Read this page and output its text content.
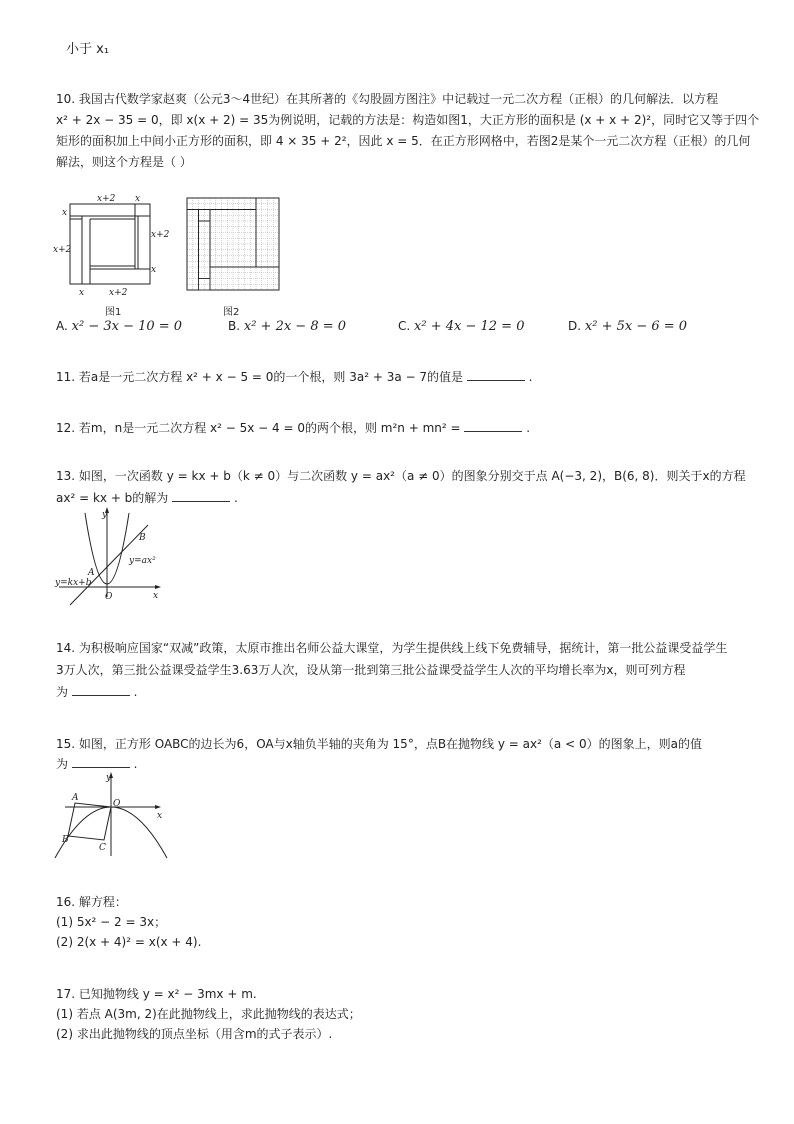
小于 x₁
10. 我国古代数学家赵爽（公元3～4世纪）在其所著的《勾股圆方图注》中记载过一元二次方程（正根）的几何解法．以方程
x² + 2x − 35 = 0，即 x(x + 2) = 35为例说明，记载的方法是：构造如图1，大正方形的面积是 (x + x + 2)²，同时它又等于四个
矩形的面积加上中间小正方形的面积，即 4 × 35 + 2²，因此 x = 5．在正方形网格中，若图2是某个一元二次方程（正根）的几何
解法，则这个方程是（ ）
x+2 x
x
x+2
x+2
x
x	x+2
图1	图2
A. x² − 3x − 10 = 0	B. x² + 2x − 8 = 0	C. x² + 4x − 12 = 0	D. x² + 5x − 6 = 0
11. 若a是一元二次方程 x² + x − 5 = 0的一个根，则 3a² + 3a − 7的值是	.
12. 若m，n是一元二次方程 x² − 5x − 4 = 0的两个根，则 m²n + mn² =	.
13. 如图，一次函数 y = kx + b（k ≠ 0）与二次函数 y = ax²（a ≠ 0）的图象分别交于点 A(−3, 2)，B(6, 8)．则关于x的方程
ax² = kx + b的解为	.
y
x
O
A
B
y=ax²
y=kx+b
14. 为积极响应国家“双减”政策，太原市推出名师公益大课堂，为学生提供线上线下免费辅导，据统计，第一批公益课受益学生
3万人次，第三批公益课受益学生3.63万人次，设从第一批到第三批公益课受益学生人次的平均增长率为x，则可列方程
为	.
15. 如图，正方形 OABC的边长为6，OA与x轴负半轴的夹角为 15°，点B在抛物线 y = ax²（a < 0）的图象上，则a的值
为	.
y
x
O
A
B
C
16. 解方程：
(1) 5x² − 2 = 3x；
(2) 2(x + 4)² = x(x + 4).
17. 已知抛物线 y = x² − 3mx + m.
(1) 若点 A(3m, 2)在此抛物线上，求此抛物线的表达式；
(2) 求出此抛物线的顶点坐标（用含m的式子表示）.
